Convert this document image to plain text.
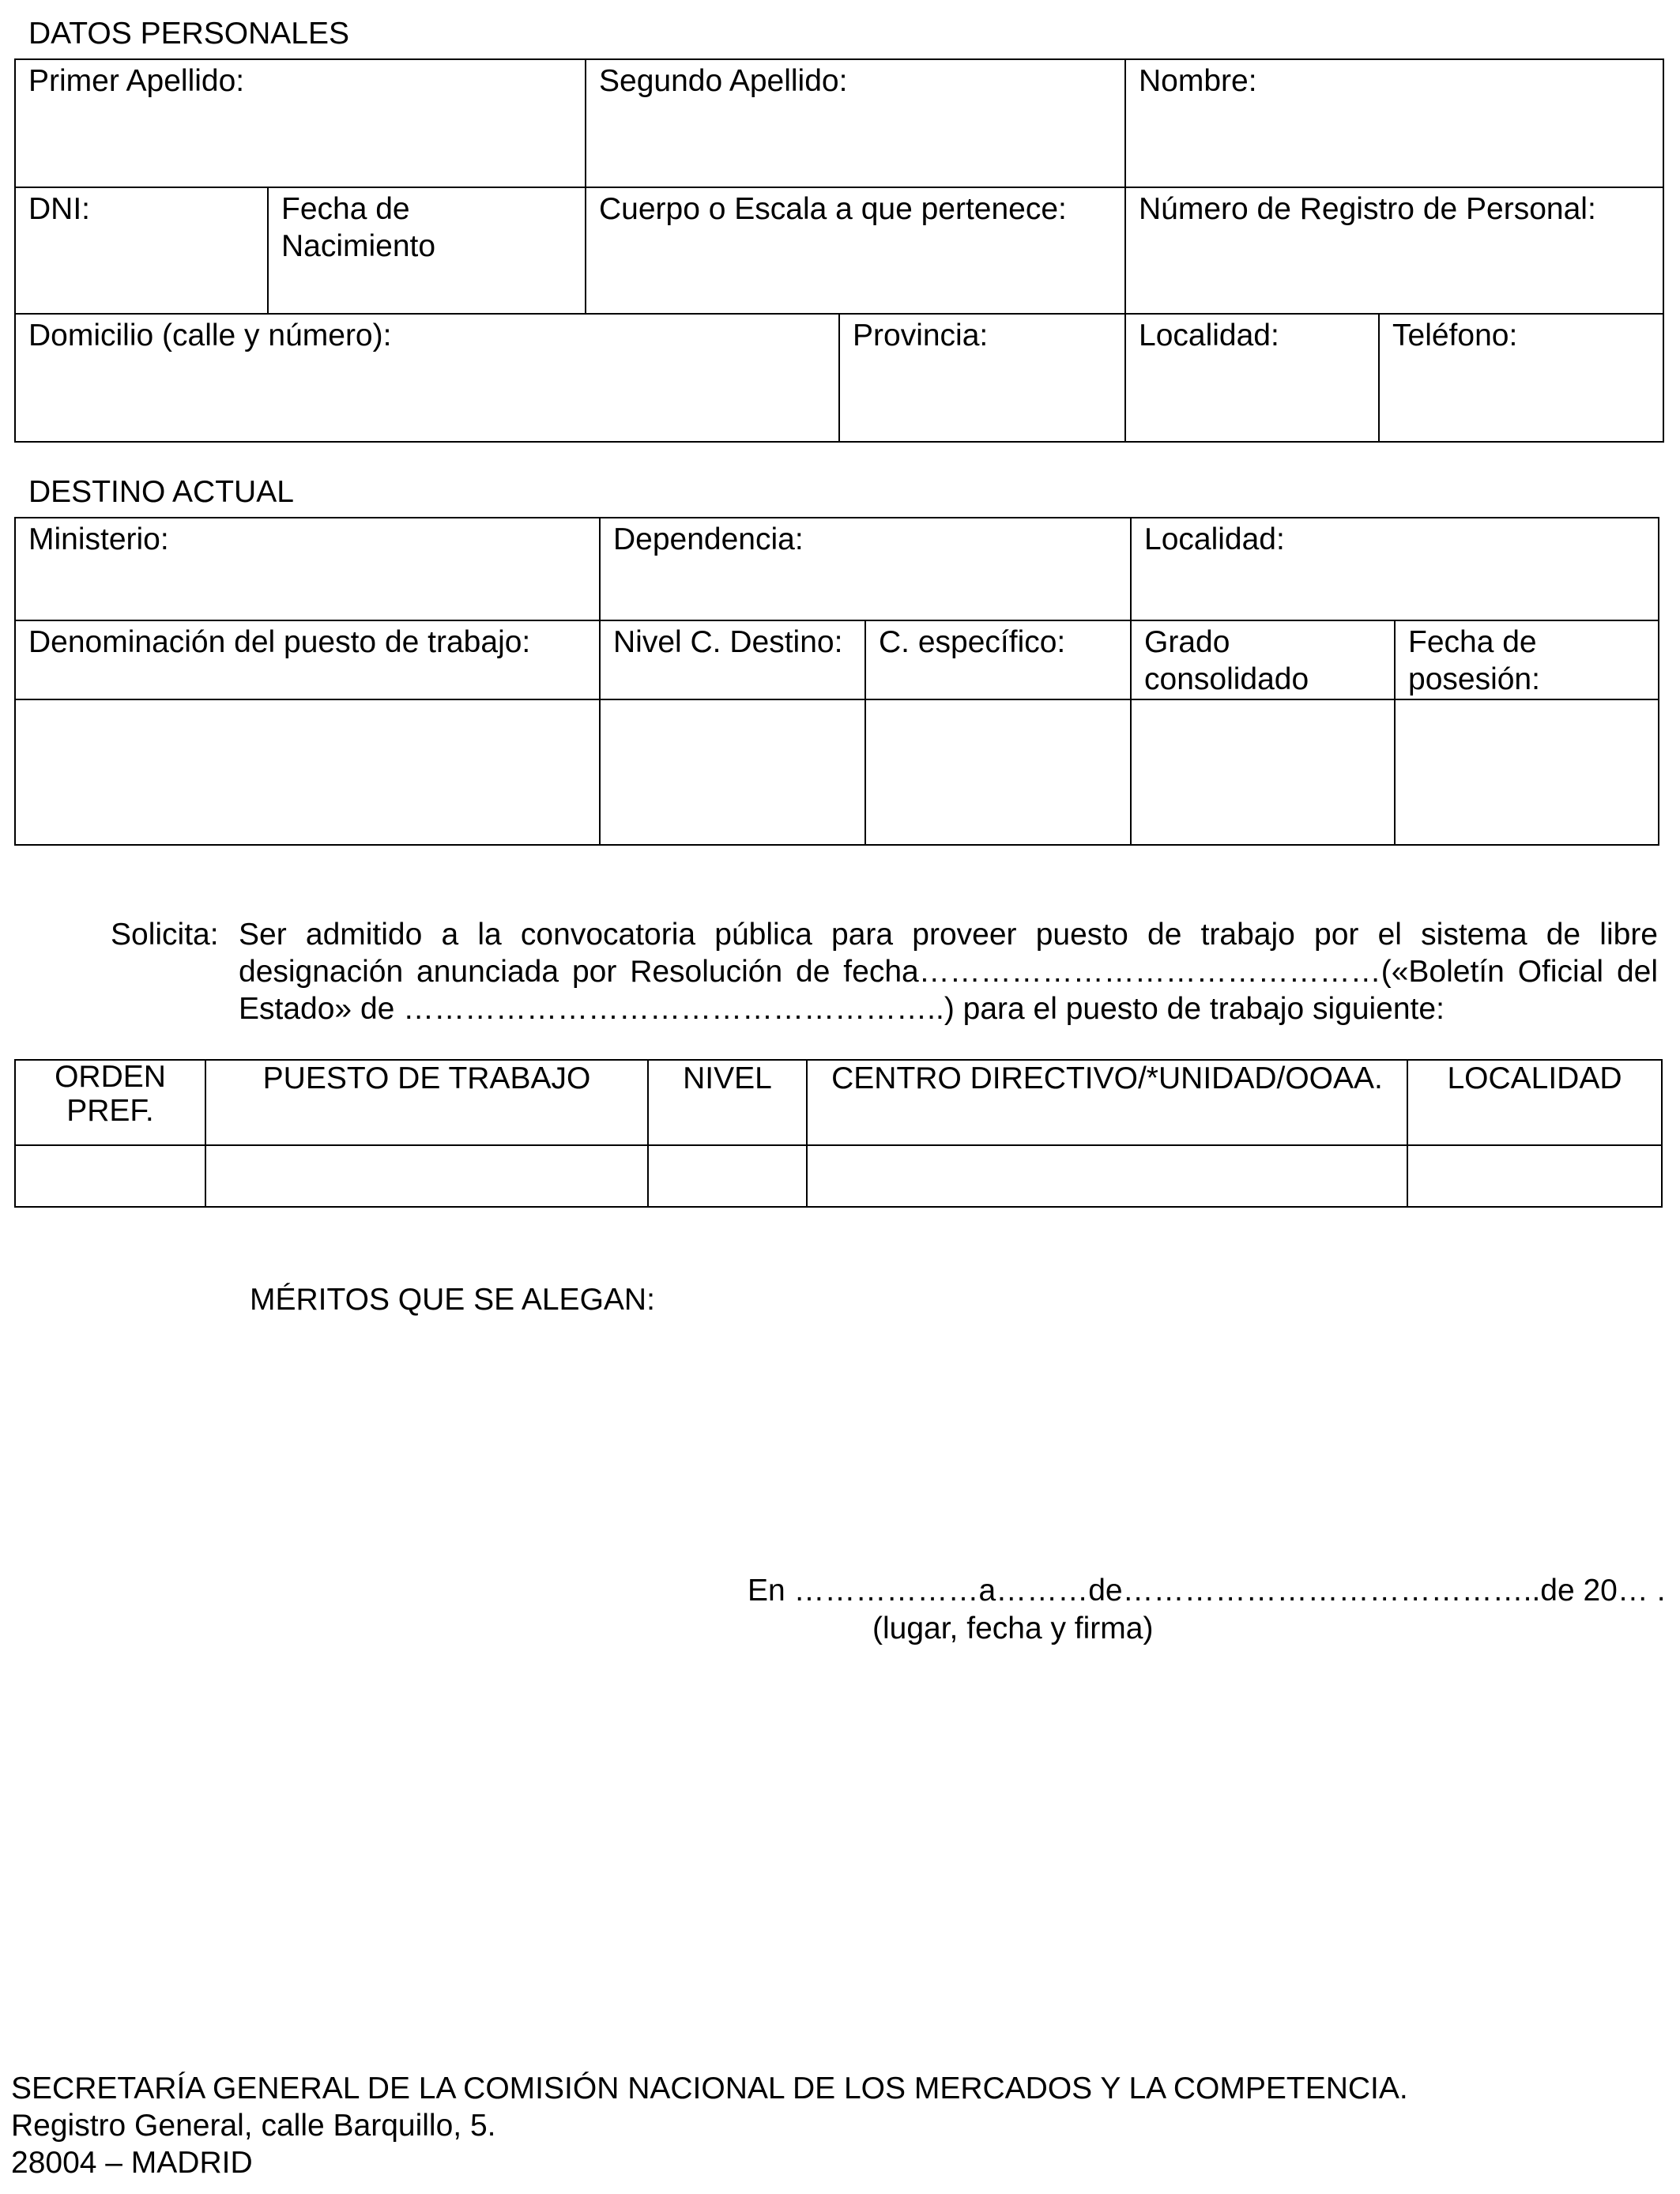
DATOS PERSONALES
Primer Apellido:		Segundo Apellido:		Nombre:	

DNI:	Fecha de Nacimiento	Cuerpo o Escala a que pertenece:		Número de Registro de Personal:	

Domicilio (calle y número):			Provincia:	Localidad:	Teléfono:
DESTINO ACTUAL
Ministerio:	Dependencia:		Localidad:	

Denominación del puesto de trabajo:	Nivel C. Destino:	C. específico:	Grado consolidado	Fecha de posesión:

Solicita: Ser admitido a la convocatoria pública para proveer puesto de trabajo por el sistema de libre
designación anunciada por Resolución de fecha………………………………………(«Boletín Oficial del
Estado» de ……………………………………………..) para el puesto de trabajo siguiente:
ORDEN PREF.	PUESTO DE TRABAJO	NIVEL	CENTRO DIRECTIVO/*UNIDAD/OOAA.	LOCALIDAD

MÉRITOS QUE SE ALEGAN:
En ………………a………de…………………………………..de 20… .
(lugar, fecha y firma)
SECRETARÍA GENERAL DE LA COMISIÓN NACIONAL DE LOS MERCADOS Y LA COMPETENCIA.
Registro General, calle Barquillo, 5.
28004 – MADRID
